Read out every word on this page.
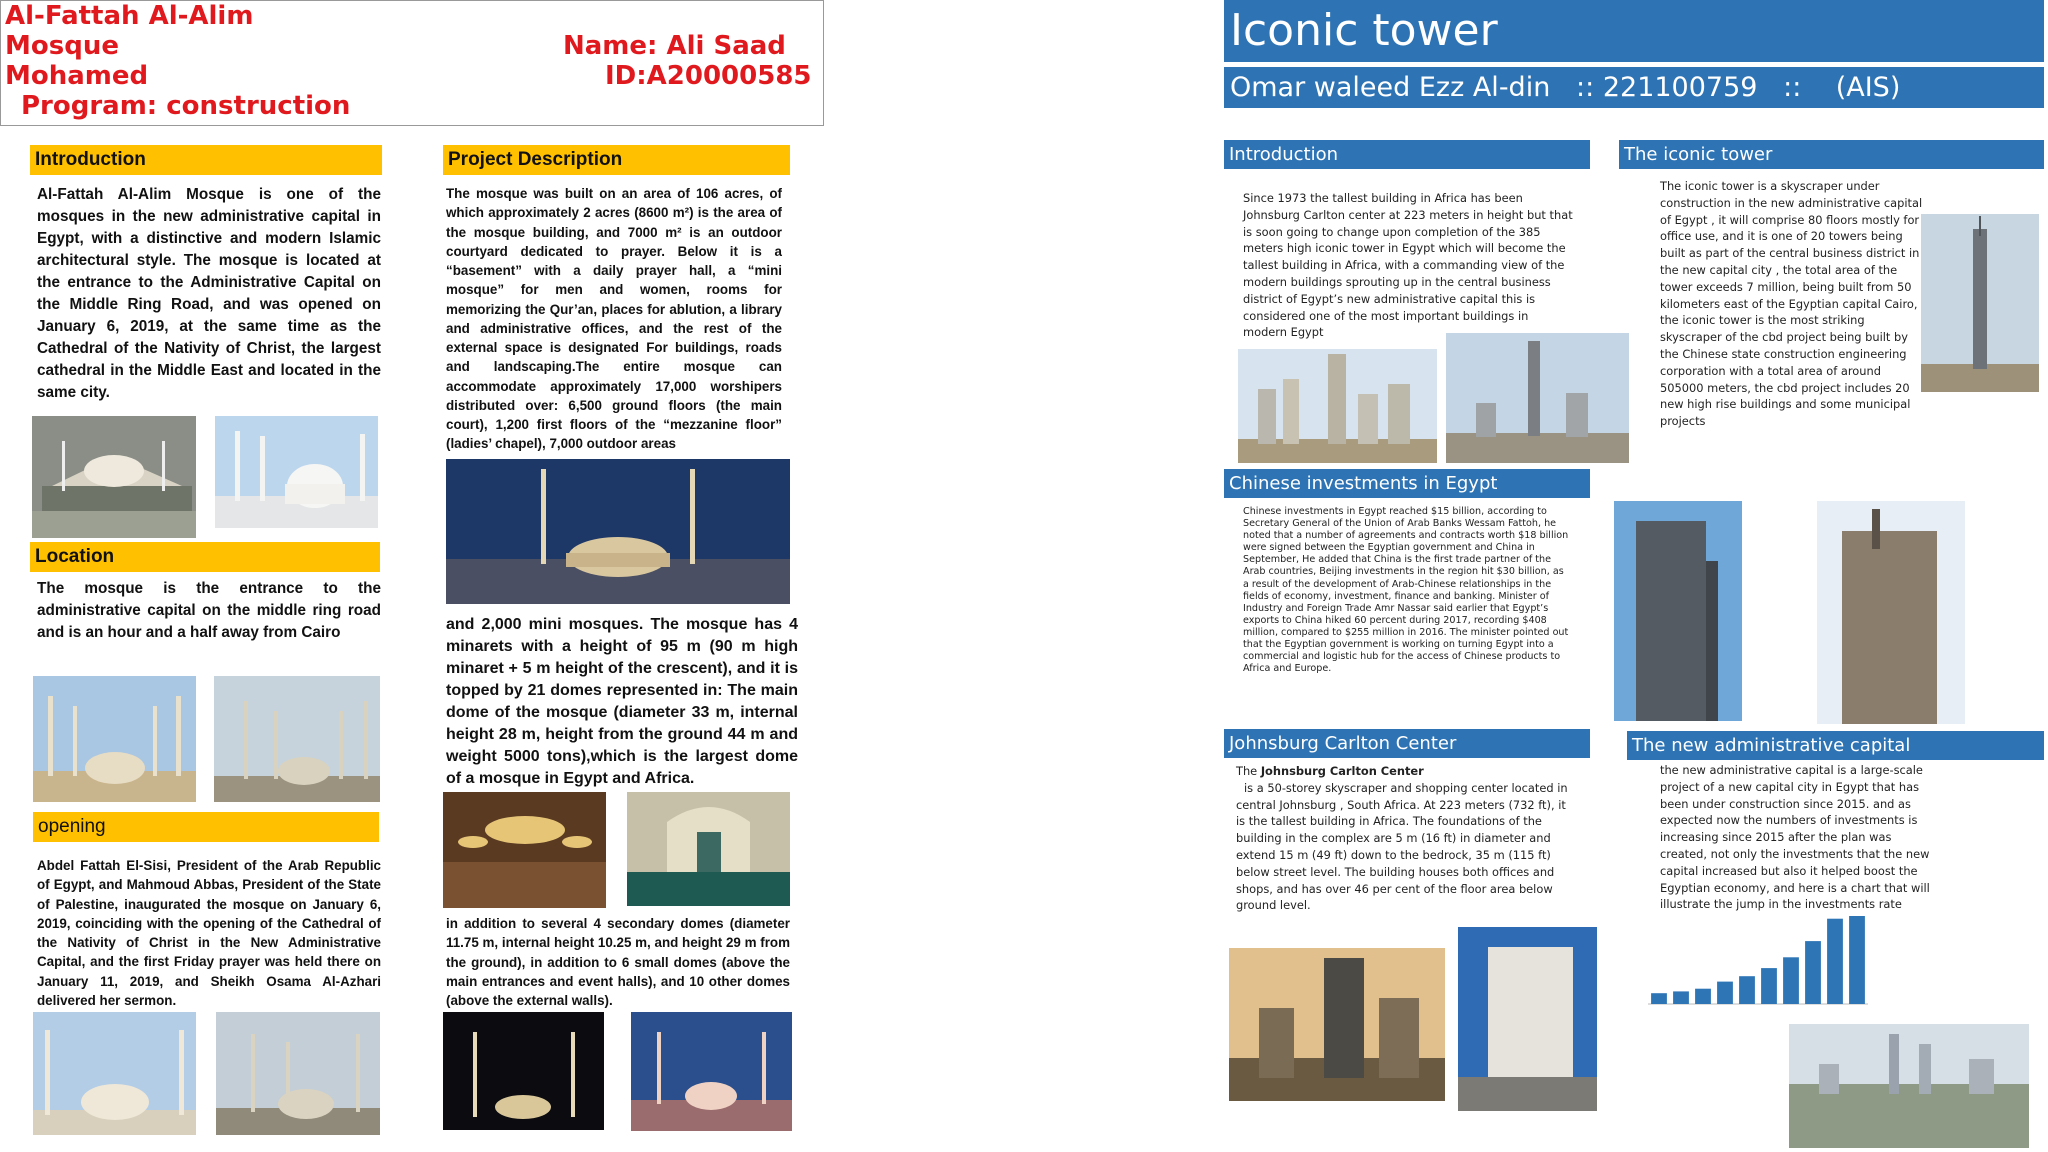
Al-Fattah Al-Alim
Mosque
Mohamed
Program: construction
Name: Ali Saad
ID:A20000585
Introduction
Al-Fattah Al-Alim Mosque is one of the mosques in the new administrative capital in Egypt, with a distinctive and modern Islamic architectural style. The mosque is located at the entrance to the Administrative Capital on the Middle Ring Road, and was opened on January 6, 2019, at the same time as the Cathedral of the Nativity of Christ, the largest cathedral in the Middle East and located in the same city.
Location
The mosque is the entrance to the administrative capital on the middle ring road and is an hour and a half away from Cairo
opening
Abdel Fattah El-Sisi, President of the Arab Republic of Egypt, and Mahmoud Abbas, President of the State of Palestine, inaugurated the mosque on January 6, 2019, coinciding with the opening of the Cathedral of the Nativity of Christ in the New Administrative Capital, and the first Friday prayer was held there on January 11, 2019, and Sheikh Osama Al-Azhari delivered her sermon.
Project Description
The mosque was built on an area of 106 acres, of which approximately 2 acres (8600 m²) is the area of the mosque building, and 7000 m² is an outdoor courtyard dedicated to prayer. Below it is a “basement” with a daily prayer hall, a “mini mosque” for men and women, rooms for memorizing the Qur’an, places for ablution, a library and administrative offices, and the rest of the external space is designated For buildings, roads and landscaping.The entire mosque can accommodate approximately 17,000 worshipers distributed over: 6,500 ground floors (the main court), 1,200 first floors of the “mezzanine floor” (ladies’ chapel), 7,000 outdoor areas
and 2,000 mini mosques. The mosque has 4 minarets with a height of 95 m (90 m high minaret + 5 m height of the crescent), and it is topped by 21 domes represented in: The main dome of the mosque (diameter 33 m, internal height 28 m, height from the ground 44 m and weight 5000 tons),which is the largest dome of a mosque in Egypt and Africa.
in addition to several 4 secondary domes (diameter 11.75 m, internal height 10.25 m, and height 29 m from the ground), in addition to 6 small domes (above the main entrances and event halls), and 10 other domes (above the external walls).
Iconic tower
Omar waleed Ezz Al-din   :: 221100759   ::    (AIS)
Introduction
Since 1973 the tallest building in Africa has been Johnsburg Carlton center at 223 meters in height but that is soon going to change upon completion of the 385 meters high iconic tower in Egypt which will become the tallest building in Africa, with a commanding view of the modern buildings sprouting up in the central business district of Egypt’s new administrative capital this is considered one of the most important buildings in modern Egypt
The iconic tower
The iconic tower is a skyscraper under construction in the new administrative capital of Egypt , it will comprise 80 floors mostly for office use, and it is one of 20 towers being built as part of the central business district in the new capital city , the total area of the tower exceeds 7 million, being built from 50 kilometers east of the Egyptian capital Cairo, the iconic tower is the most striking skyscraper of the cbd project being built by the Chinese state construction engineering corporation with a total area of around 505000 meters, the cbd project includes 20 new high rise buildings and some municipal projects
Chinese investments in Egypt
Chinese investments in Egypt reached $15 billion, according to Secretary General of the Union of Arab Banks Wessam Fattoh, he noted that a number of agreements and contracts worth $18 billion were signed between the Egyptian government and China in September, He added that China is the first trade partner of the Arab countries, Beijing investments in the region hit $30 billion, as a result of the development of Arab-Chinese relationships in the fields of economy, investment, finance and banking. Minister of Industry and Foreign Trade Amr Nassar said earlier that Egypt’s exports to China hiked 60 percent during 2017, recording $408 million, compared to $255 million in 2016. The minister pointed out that the Egyptian government is working on turning Egypt into a commercial and logistic hub for the access of Chinese products to Africa and Europe.
Johnsburg Carlton Center
The Johnsburg Carlton Center
is a 50-storey skyscraper and shopping center located in central Johnsburg , South Africa. At 223 meters (732 ft), it is the tallest building in Africa. The foundations of the building in the complex are 5 m (16 ft) in diameter and extend 15 m (49 ft) down to the bedrock, 35 m (115 ft) below street level. The building houses both offices and shops, and has over 46 per cent of the floor area below ground level.
The new administrative capital
the new administrative capital is a large-scale project of a new capital city in Egypt that has been under construction since 2015. and as expected now the numbers of investments is increasing since 2015 after the plan was created, not only the investments that the new capital increased but also it helped boost the Egyptian economy, and here is a chart that will illustrate the jump in the investments rate
